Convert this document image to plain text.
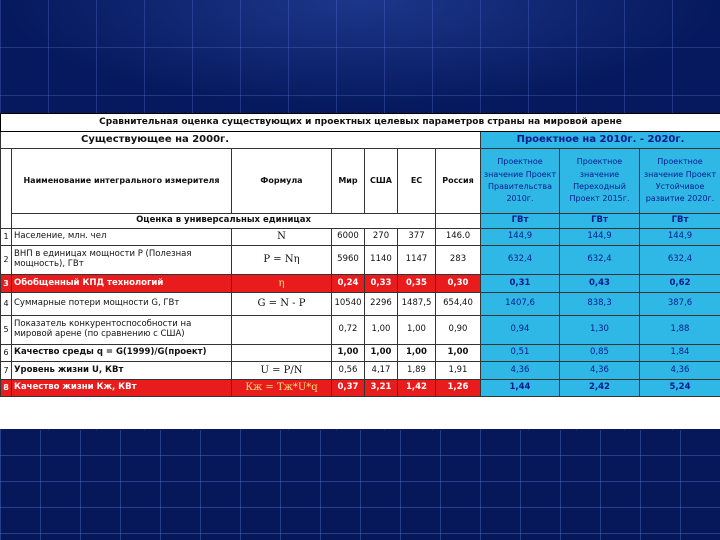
Сравнительная оценка существующих и проектных целевых параметров страны на мировой арене									
Существующее на 2000г.							Проектное на 2010г. - 2020г.		
	Наименование интегрального измерителя	Формула	Мир	США	ЕС	Россия	Проектное значение Проект Правительства 2010г.	Проектное значение Переходный Проект 2015г.	Проектное значение Проект Устойчивое развитие 2020г.
	Оценка в универсальных единицах						ГВт	ГВт	ГВт
1	Население, млн. чел	N	6000	270	377	146.0	144,9	144,9	144,9
2	ВНП в единицах мощности P (Полезная мощность), ГВт	P = Nη	5960	1140	1147	283	632,4	632,4	632,4
3	Обобщенный КПД технологий	η	0,24	0,33	0,35	0,30	0,31	0,43	0,62
4	Суммарные потери мощности G, ГВт	G = N - P	10540	2296	1487,5	654,40	1407,6	838,3	387,6
5	Показатель конкурентоспособности на мировой арене (по сравнению с США)		0,72	1,00	1,00	0,90	0,94	1,30	1,88
6	Качество среды q = G(1999)/G(проект)		1,00	1,00	1,00	1,00	0,51	0,85	1,84
7	Уровень жизни U, КВт	U = P/N	0,56	4,17	1,89	1,91	4,36	4,36	4,36
8	Качество жизни Кж, КВт	Кж = Τж*U*q	0,37	3,21	1,42	1,26	1,44	2,42	5,24
